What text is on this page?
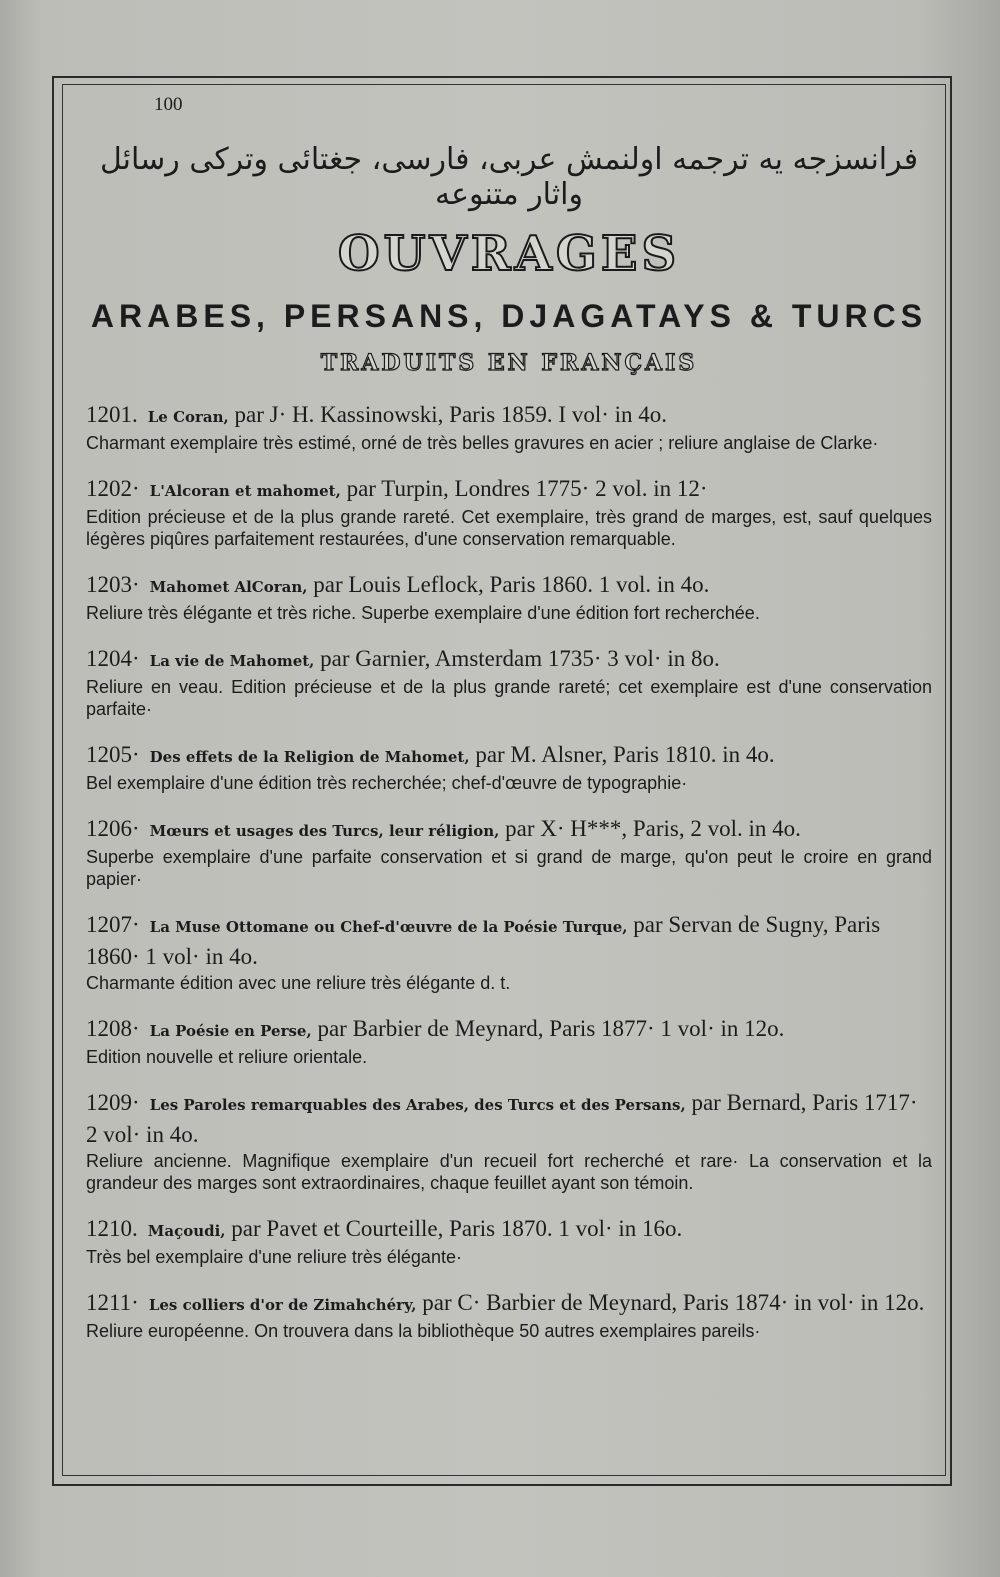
100
فرانسزجه یه ترجمه اولنمش عربی، فارسی، جغتائی وترکی رسائل واثار متنوعه
OUVRAGES
ARABES, PERSANS, DJAGATAYS & TURCS
TRADUITS EN FRANÇAIS
1201. Le Coran, par J· H. Kassinowski, Paris 1859. I vol· in 4o.
Charmant exemplaire très estimé, orné de très belles gravures en acier ; reliure anglaise de Clarke·
1202· L'Alcoran et mahomet, par Turpin, Londres 1775· 2 vol. in 12·
Edition précieuse et de la plus grande rareté. Cet exemplaire, très grand de marges, est, sauf quelques légères piqûres parfaitement restaurées, d'une conservation remarquable.
1203· Mahomet AlCoran, par Louis Leflock, Paris 1860. 1 vol. in 4o.
Reliure très élégante et très riche. Superbe exemplaire d'une édition fort recherchée.
1204· La vie de Mahomet, par Garnier, Amsterdam 1735· 3 vol· in 8o.
Reliure en veau. Edition précieuse et de la plus grande rareté; cet exemplaire est d'une conservation parfaite·
1205· Des effets de la Religion de Mahomet, par M. Alsner, Paris 1810. in 4o.
Bel exemplaire d'une édition très recherchée; chef-d'œuvre de typographie·
1206· Mœurs et usages des Turcs, leur réligion, par X· H***, Paris, 2 vol. in 4o.
Superbe exemplaire d'une parfaite conservation et si grand de marge, qu'on peut le croire en grand papier·
1207· La Muse Ottomane ou Chef-d'œuvre de la Poésie Turque, par Servan de Sugny, Paris 1860· 1 vol· in 4o.
Charmante édition avec une reliure très élégante d. t.
1208· La Poésie en Perse, par Barbier de Meynard, Paris 1877· 1 vol· in 12o.
Edition nouvelle et reliure orientale.
1209· Les Paroles remarquables des Arabes, des Turcs et des Persans, par Bernard, Paris 1717· 2 vol· in 4o.
Reliure ancienne. Magnifique exemplaire d'un recueil fort recherché et rare· La conservation et la grandeur des marges sont extraordinaires, chaque feuillet ayant son témoin.
1210. Maçoudi, par Pavet et Courteille, Paris 1870. 1 vol· in 16o.
Très bel exemplaire d'une reliure très élégante·
1211· Les colliers d'or de Zimahchéry, par C· Barbier de Meynard, Paris 1874· in vol· in 12o.
Reliure européenne. On trouvera dans la bibliothèque 50 autres exemplaires pareils·
